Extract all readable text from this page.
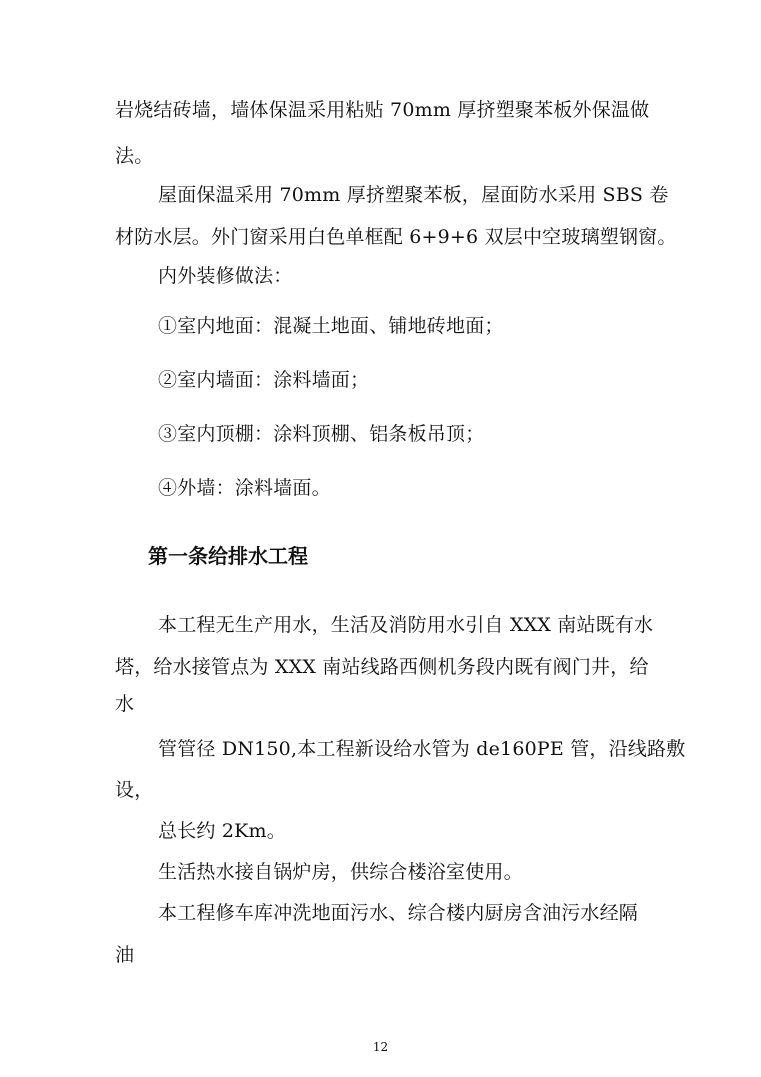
岩烧结砖墙，墙体保温采用粘贴 70mm 厚挤塑聚苯板外保温做

法。

屋面保温采用 70mm 厚挤塑聚苯板，屋面防水采用 SBS 卷

材防水层。外门窗采用白色单框配 6+9+6 双层中空玻璃塑钢窗。

内外装修做法：

①室内地面：混凝土地面、铺地砖地面；

②室内墙面：涂料墙面；

③室内顶棚：涂料顶棚、铝条板吊顶；

④外墙：涂料墙面。

第一条给排水工程

本工程无生产用水，生活及消防用水引自 XXX 南站既有水

塔，给水接管点为 XXX 南站线路西侧机务段内既有阀门井，给

水

管管径 DN150,本工程新设给水管为 de160PE 管，沿线路敷

设，

总长约 2Km。

生活热水接自锅炉房，供综合楼浴室使用。

本工程修车库冲洗地面污水、综合楼内厨房含油污水经隔

油

12
